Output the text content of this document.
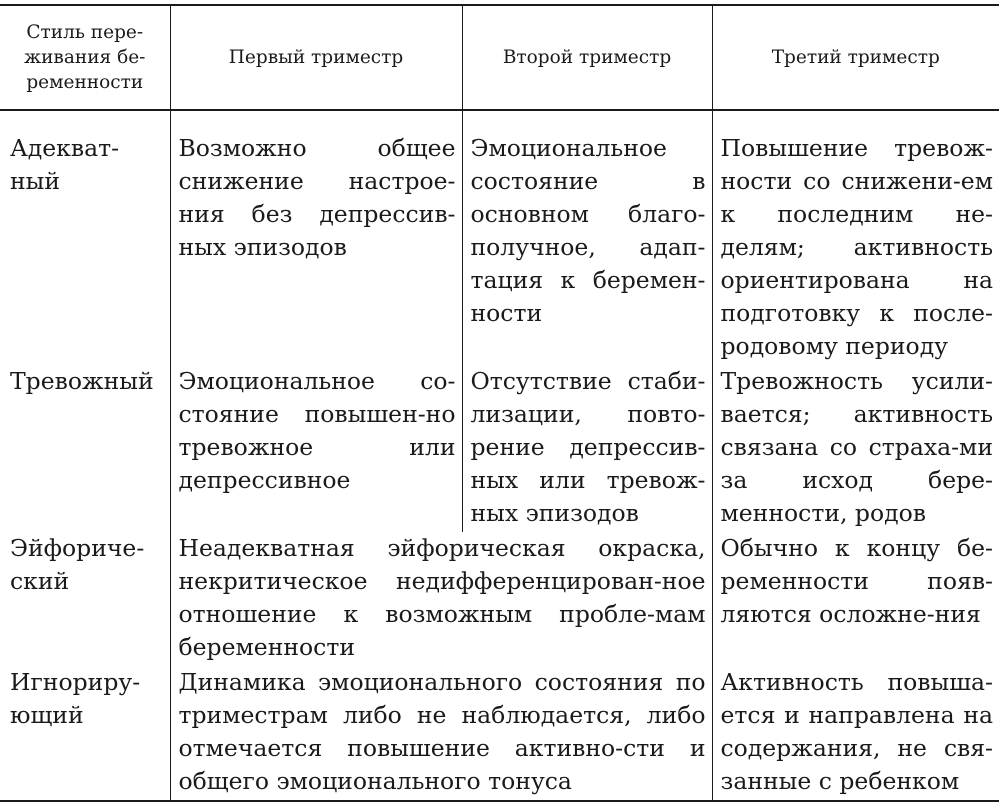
Стиль пере-
живания бе-
ременности	Первый триместр	Второй триместр	Третий триместр

Адекват-ный	Возможно общее снижение настрое-ния без депрессив-ных эпизодов	Эмоциональное состояние в основном благо-получное, адап-тация к беремен-ности	Повышение тревож-ности со снижени-ем к последним не-делям; активность ориентирована на подготовку к после-родовому периоду

Тревожный	Эмоциональное со-стояние повышен-но тревожное или депрессивное	Отсутствие стаби-лизации, повто-рение депрессив-ных или тревож-ных эпизодов	Тревожность усили-вается; активность связана со страха-ми за исход бере-менности, родов

Эйфориче-ский	Неадекватная эйфорическая окраска, некритическое недифференцирован-ное отношение к возможным пробле-мам беременности		Обычно к концу бе-ременности появ-ляются осложне-ния

Игнориру-ющий	Динамика эмоционального состояния по триместрам либо не наблюдается, либо отмечается повышение активно-сти и общего эмоционального тонуса		Активность повыша-ется и направлена на содержания, не свя-занные с ребенком
